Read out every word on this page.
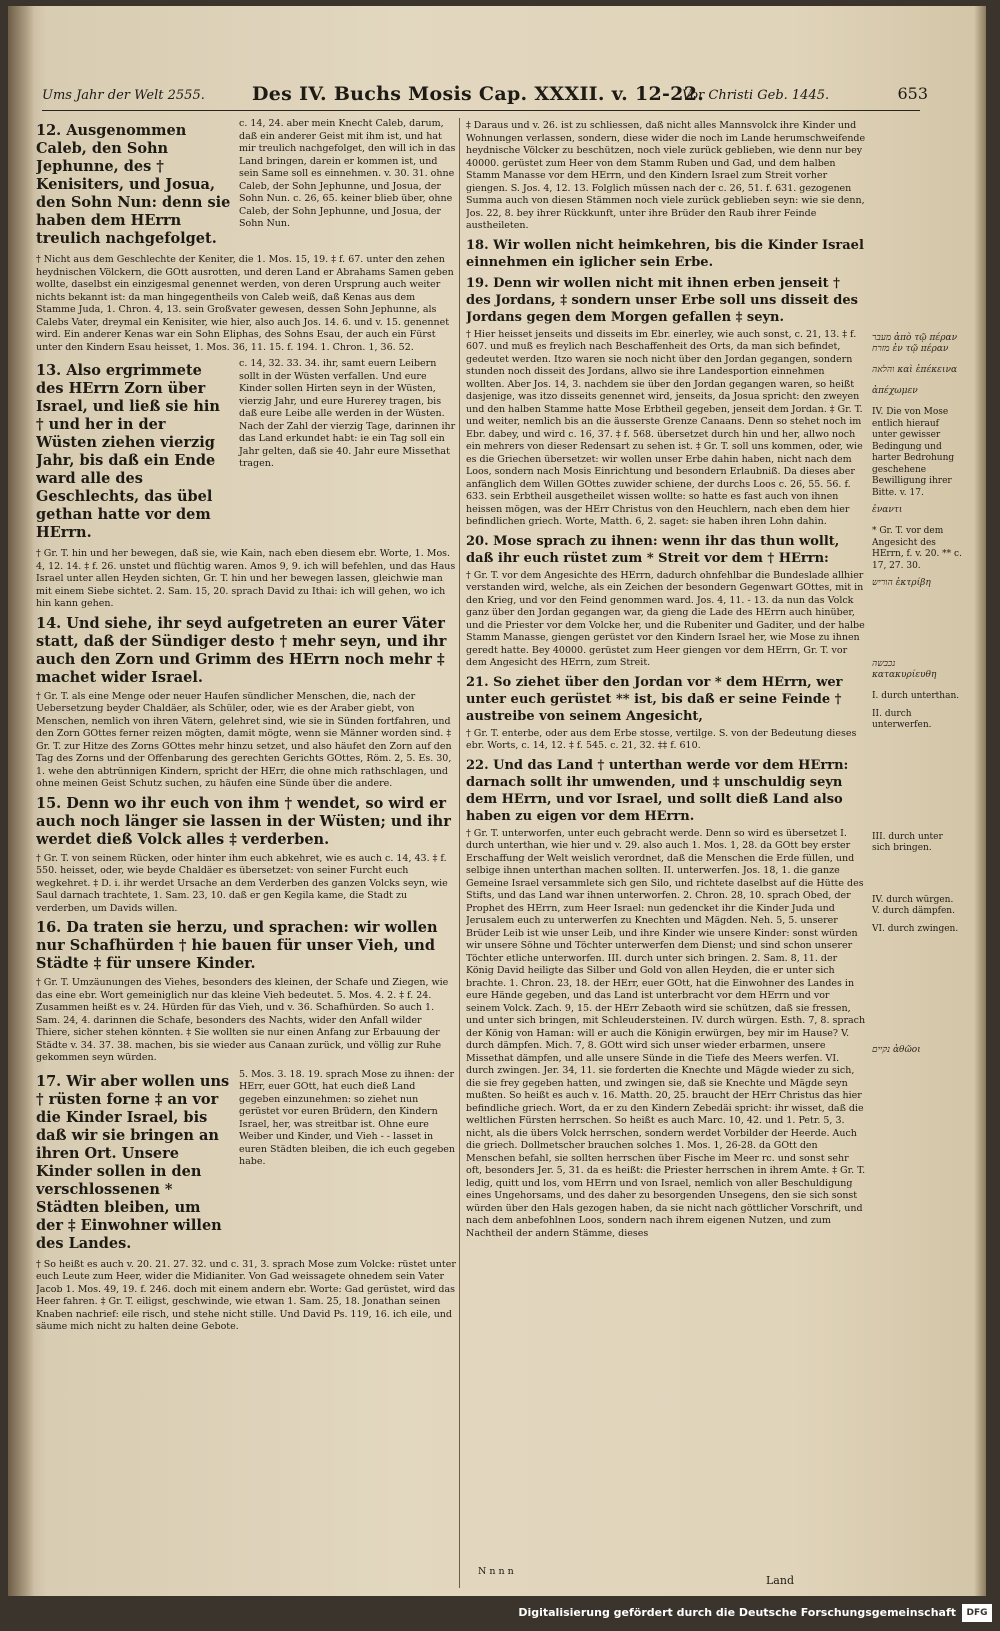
Ums Jahr der Welt 2555. Des IV. Buchs Mosis Cap. XXXII. v. 12-22.
Vor Christi Geb. 1445.	653
12. Ausgenommen Caleb, den Sohn Jephunne, des † Kenisiters, und Josua, den Sohn Nun: denn sie haben dem HErrn treulich nachgefolget.
c. 14, 24. aber mein Knecht Caleb, darum, daß ein anderer Geist mit ihm ist, und hat mir treulich nachgefolget, den will ich in das Land bringen, darein er kommen ist, und sein Same soll es einnehmen. v. 30. 31. ohne Caleb, der Sohn Jephunne, und Josua, der Sohn Nun. c. 26, 65. keiner blieb über, ohne Caleb, der Sohn Jephunne, und Josua, der Sohn Nun.
† Nicht aus dem Geschlechte der Keniter, die 1. Mos. 15, 19. ‡ f. 67. unter den zehen heydnischen Völckern, die GOtt ausrotten, und deren Land er Abrahams Samen geben wollte, daselbst ein einzigesmal genennet werden, von deren Ursprung auch weiter nichts bekannt ist: da man hingegentheils von Caleb weiß, daß Kenas aus dem Stamme Juda, 1. Chron. 4, 13. sein Großvater gewesen, dessen Sohn Jephunne, als Calebs Vater, dreymal ein Kenisiter, wie hier, also auch Jos. 14. 6. und v. 15. genennet wird. Ein anderer Kenas war ein Sohn Eliphas, des Sohns Esau, der auch ein Fürst unter den Kindern Esau heisset, 1. Mos. 36, 11. 15. f. 194. 1. Chron. 1, 36. 52.
13. Also ergrimmete des HErrn Zorn über Israel, und ließ sie hin † und her in der Wüsten ziehen vierzig Jahr, bis daß ein Ende ward alle des Geschlechts, das übel gethan hatte vor dem HErrn.
c. 14, 32. 33. 34. ihr, samt euern Leibern sollt in der Wüsten verfallen. Und eure Kinder sollen Hirten seyn in der Wüsten, vierzig Jahr, und eure Hurerey tragen, bis daß eure Leibe alle werden in der Wüsten. Nach der Zahl der vierzig Tage, darinnen ihr das Land erkundet habt: ie ein Tag soll ein Jahr gelten, daß sie 40. Jahr eure Missethat tragen.
† Gr. T. hin und her bewegen, daß sie, wie Kain, nach eben diesem ebr. Worte, 1. Mos. 4, 12. 14. ‡ f. 26. unstet und flüchtig waren. Amos 9, 9. ich will befehlen, und das Haus Israel unter allen Heyden sichten, Gr. T. hin und her bewegen lassen, gleichwie man mit einem Siebe sichtet. 2. Sam. 15, 20. sprach David zu Ithai: ich will gehen, wo ich hin kann gehen.
14. Und siehe, ihr seyd aufgetreten an eurer Väter statt, daß der Sündiger desto † mehr seyn, und ihr auch den Zorn und Grimm des HErrn noch mehr ‡ machet wider Israel.
† Gr. T. als eine Menge oder neuer Haufen sündlicher Menschen, die, nach der Uebersetzung beyder Chaldäer, als Schüler, oder, wie es der Araber giebt, von Menschen, nemlich von ihren Vätern, gelehret sind, wie sie in Sünden fortfahren, und den Zorn GOttes ferner reizen mögten, damit mögte, wenn sie Männer worden sind. ‡ Gr. T. zur Hitze des Zorns GOttes mehr hinzu setzet, und also häufet den Zorn auf den Tag des Zorns und der Offenbarung des gerechten Gerichts GOttes, Röm. 2, 5. Es. 30, 1. wehe den abtrünnigen Kindern, spricht der HErr, die ohne mich rathschlagen, und ohne meinen Geist Schutz suchen, zu häufen eine Sünde über die andere.
15. Denn wo ihr euch von ihm † wendet, so wird er auch noch länger sie lassen in der Wüsten; und ihr werdet dieß Volck alles ‡ verderben.
† Gr. T. von seinem Rücken, oder hinter ihm euch abkehret, wie es auch c. 14, 43. ‡ f. 550. heisset, oder, wie beyde Chaldäer es übersetzet: von seiner Furcht euch wegkehret. ‡ D. i. ihr werdet Ursache an dem Verderben des ganzen Volcks seyn, wie Saul darnach trachtete, 1. Sam. 23, 10. daß er gen Kegila kame, die Stadt zu verderben, um Davids willen.
16. Da traten sie herzu, und sprachen: wir wollen nur Schafhürden † hie bauen für unser Vieh, und Städte ‡ für unsere Kinder.
† Gr. T. Umzäunungen des Viehes, besonders des kleinen, der Schafe und Ziegen, wie das eine ebr. Wort gemeiniglich nur das kleine Vieh bedeutet. 5. Mos. 4. 2. ‡ f. 24. Zusammen heißt es v. 24. Hürden für das Vieh, und v. 36. Schafhürden. So auch 1. Sam. 24, 4. darinnen die Schafe, besonders des Nachts, wider den Anfall wilder Thiere, sicher stehen könnten. ‡ Sie wollten sie nur einen Anfang zur Erbauung der Städte v. 34. 37. 38. machen, bis sie wieder aus Canaan zurück, und völlig zur Ruhe gekommen seyn würden.
17. Wir aber wollen uns † rüsten forne ‡ an vor die Kinder Israel, bis daß wir sie bringen an ihren Ort. Unsere Kinder sollen in den verschlossenen * Städten bleiben, um der ‡ Einwohner willen des Landes.
5. Mos. 3. 18. 19. sprach Mose zu ihnen: der HErr, euer GOtt, hat euch dieß Land gegeben einzunehmen: so ziehet nun gerüstet vor euren Brüdern, den Kindern Israel, her, was streitbar ist. Ohne eure Weiber und Kinder, und Vieh ‐ ‐ lasset in euren Städten bleiben, die ich euch gegeben habe.
† So heißt es auch v. 20. 21. 27. 32. und c. 31, 3. sprach Mose zum Volcke: rüstet unter euch Leute zum Heer, wider die Midianiter. Von Gad weissagete ohnedem sein Vater Jacob 1. Mos. 49, 19. f. 246. doch mit einem andern ebr. Worte: Gad gerüstet, wird das Heer fahren. ‡ Gr. T. eiligst, geschwinde, wie etwan 1. Sam. 25, 18. Jonathan seinen Knaben nachrief: eile risch, und stehe nicht stille. Und David Ps. 119, 16. ich eile, und säume mich nicht zu halten deine Gebote.
‡ Daraus und v. 26. ist zu schliessen, daß nicht alles Mannsvolck ihre Kinder und Wohnungen verlassen, sondern, diese wider die noch im Lande herumschweifende heydnische Völcker zu beschützen, noch viele zurück geblieben, wie denn nur bey 40000. gerüstet zum Heer von dem Stamm Ruben und Gad, und dem halben Stamm Manasse vor dem HErrn, und den Kindern Israel zum Streit vorher giengen. S. Jos. 4, 12. 13. Folglich müssen nach der c. 26, 51. f. 631. gezogenen Summa auch von diesen Stämmen noch viele zurück geblieben seyn: wie sie denn, Jos. 22, 8. bey ihrer Rückkunft, unter ihre Brüder den Raub ihrer Feinde austheileten.
18. Wir wollen nicht heimkehren, bis die Kinder Israel einnehmen ein iglicher sein Erbe.
19. Denn wir wollen nicht mit ihnen erben jenseit † des Jordans, ‡ sondern unser Erbe soll uns disseit des Jordans gegen dem Morgen gefallen ‡ seyn.
† Hier heisset jenseits und disseits im Ebr. einerley, wie auch sonst, c. 21, 13. ‡ f. 607. und muß es freylich nach Beschaffenheit des Orts, da man sich befindet, gedeutet werden. Itzo waren sie noch nicht über den Jordan gegangen, sondern stunden noch disseit des Jordans, allwo sie ihre Landesportion einnehmen wollten. Aber Jos. 14, 3. nachdem sie über den Jordan gegangen waren, so heißt dasjenige, was itzo disseits genennet wird, jenseits, da Josua spricht: den zweyen und den halben Stamme hatte Mose Erbtheil gegeben, jenseit dem Jordan. ‡ Gr. T. und weiter, nemlich bis an die äusserste Grenze Canaans. Denn so stehet noch im Ebr. dabey, und wird c. 16, 37. ‡ f. 568. übersetzet durch hin und her, allwo noch ein mehrers von dieser Redensart zu sehen ist. ‡ Gr. T. soll uns kommen, oder, wie es die Griechen übersetzet: wir wollen unser Erbe dahin haben, nicht nach dem Loos, sondern nach Mosis Einrichtung und besondern Erlaubniß. Da dieses aber anfänglich dem Willen GOttes zuwider schiene, der durchs Loos c. 26, 55. 56. f. 633. sein Erbtheil ausgetheilet wissen wollte: so hatte es fast auch von ihnen heissen mögen, was der HErr Christus von den Heuchlern, nach eben dem hier befindlichen griech. Worte, Matth. 6, 2. saget: sie haben ihren Lohn dahin.
20. Mose sprach zu ihnen: wenn ihr das thun wollt, daß ihr euch rüstet zum * Streit vor dem † HErrn:
† Gr. T. vor dem Angesichte des HErrn, dadurch ohnfehlbar die Bundeslade allhier verstanden wird, welche, als ein Zeichen der besondern Gegenwart GOttes, mit in den Krieg, und vor den Feind genommen ward. Jos. 4, 11. ‐ 13. da nun das Volck ganz über den Jordan gegangen war, da gieng die Lade des HErrn auch hinüber, und die Priester vor dem Volcke her, und die Rubeniter und Gaditer, und der halbe Stamm Manasse, giengen gerüstet vor den Kindern Israel her, wie Mose zu ihnen geredt hatte. Bey 40000. gerüstet zum Heer giengen vor dem HErrn, Gr. T. vor dem Angesicht des HErrn, zum Streit.
21. So ziehet über den Jordan vor * dem HErrn, wer unter euch gerüstet ** ist, bis daß er seine Feinde † austreibe von seinem Angesicht,
† Gr. T. enterbe, oder aus dem Erbe stosse, vertilge. S. von der Bedeutung dieses ebr. Worts, c. 14, 12. ‡ f. 545. c. 21, 32. ‡‡ f. 610.
22. Und das Land † unterthan werde vor dem HErrn: darnach sollt ihr umwenden, und ‡ unschuldig seyn dem HErrn, und vor Israel, und sollt dieß Land also haben zu eigen vor dem HErrn.
† Gr. T. unterworfen, unter euch gebracht werde. Denn so wird es übersetzet I. durch unterthan, wie hier und v. 29. also auch 1. Mos. 1, 28. da GOtt bey erster Erschaffung der Welt weislich verordnet, daß die Menschen die Erde füllen, und selbige ihnen unterthan machen sollten. II. unterwerfen. Jos. 18, 1. die ganze Gemeine Israel versammlete sich gen Silo, und richtete daselbst auf die Hütte des Stifts, und das Land war ihnen unterworfen. 2. Chron. 28, 10. sprach Obed, der Prophet des HErrn, zum Heer Israel: nun gedencket ihr die Kinder Juda und Jerusalem euch zu unterwerfen zu Knechten und Mägden. Neh. 5, 5. unserer Brüder Leib ist wie unser Leib, und ihre Kinder wie unsere Kinder: sonst würden wir unsere Söhne und Töchter unterwerfen dem Dienst; und sind schon unserer Töchter etliche unterworfen. III. durch unter sich bringen. 2. Sam. 8, 11. der König David heiligte das Silber und Gold von allen Heyden, die er unter sich brachte. 1. Chron. 23, 18. der HErr, euer GOtt, hat die Einwohner des Landes in eure Hände gegeben, und das Land ist unterbracht vor dem HErrn und vor seinem Volck. Zach. 9, 15. der HErr Zebaoth wird sie schützen, daß sie fressen, und unter sich bringen, mit Schleudersteinen. IV. durch würgen. Esth. 7, 8. sprach der König von Haman: will er auch die Königin erwürgen, bey mir im Hause? V. durch dämpfen. Mich. 7, 8. GOtt wird sich unser wieder erbarmen, unsere Missethat dämpfen, und alle unsere Sünde in die Tiefe des Meers werfen. VI. durch zwingen. Jer. 34, 11. sie forderten die Knechte und Mägde wieder zu sich, die sie frey gegeben hatten, und zwingen sie, daß sie Knechte und Mägde seyn mußten. So heißt es auch v. 16. Matth. 20, 25. braucht der HErr Christus das hier befindliche griech. Wort, da er zu den Kindern Zebedäi spricht: ihr wisset, daß die weltlichen Fürsten herrschen. So heißt es auch Marc. 10, 42. und 1. Petr. 5, 3. nicht, als die übers Volck herrschen, sondern werdet Vorbilder der Heerde. Auch die griech. Dollmetscher brauchen solches 1. Mos. 1, 26‐28. da GOtt den Menschen befahl, sie sollten herrschen über Fische im Meer rc. und sonst sehr oft, besonders Jer. 5, 31. da es heißt: die Priester herrschen in ihrem Amte. ‡ Gr. T. ledig, quitt und los, vom HErrn und von Israel, nemlich von aller Beschuldigung eines Ungehorsams, und des daher zu besorgenden Unsegens, den sie sich sonst würden über den Hals gezogen haben, da sie nicht nach göttlicher Vorschrift, und nach dem anbefohlnen Loos, sondern nach ihrem eigenen Nutzen, und zum Nachtheil der andern Stämme, dieses
מעבר ἀπὸ τῷ πέραν מזרח ἐν τῷ πέραν
והלאה καὶ ἐπέκεινα
ἀπέχωμεν
IV. Die von Mose entlich hierauf unter gewisser Bedingung und harter Bedrohung geschehene Bewilligung ihrer Bitte. v. 17.
ἐναντι
* Gr. T. vor dem Angesicht des HErrn, f. v. 20. ** c. 17, 27. 30.
הוריש ἐκτρίβη
נכבשה κατακυρίευθη
I. durch unterthan.
II. durch unterwerfen.
III. durch unter sich bringen.
IV. durch würgen. V. durch dämpfen.
VI. durch zwingen.
נקיים ἀθῶοι
N n n n
Land
Digitalisierung gefördert durch die Deutsche Forschungsgemeinschaft	DFG
